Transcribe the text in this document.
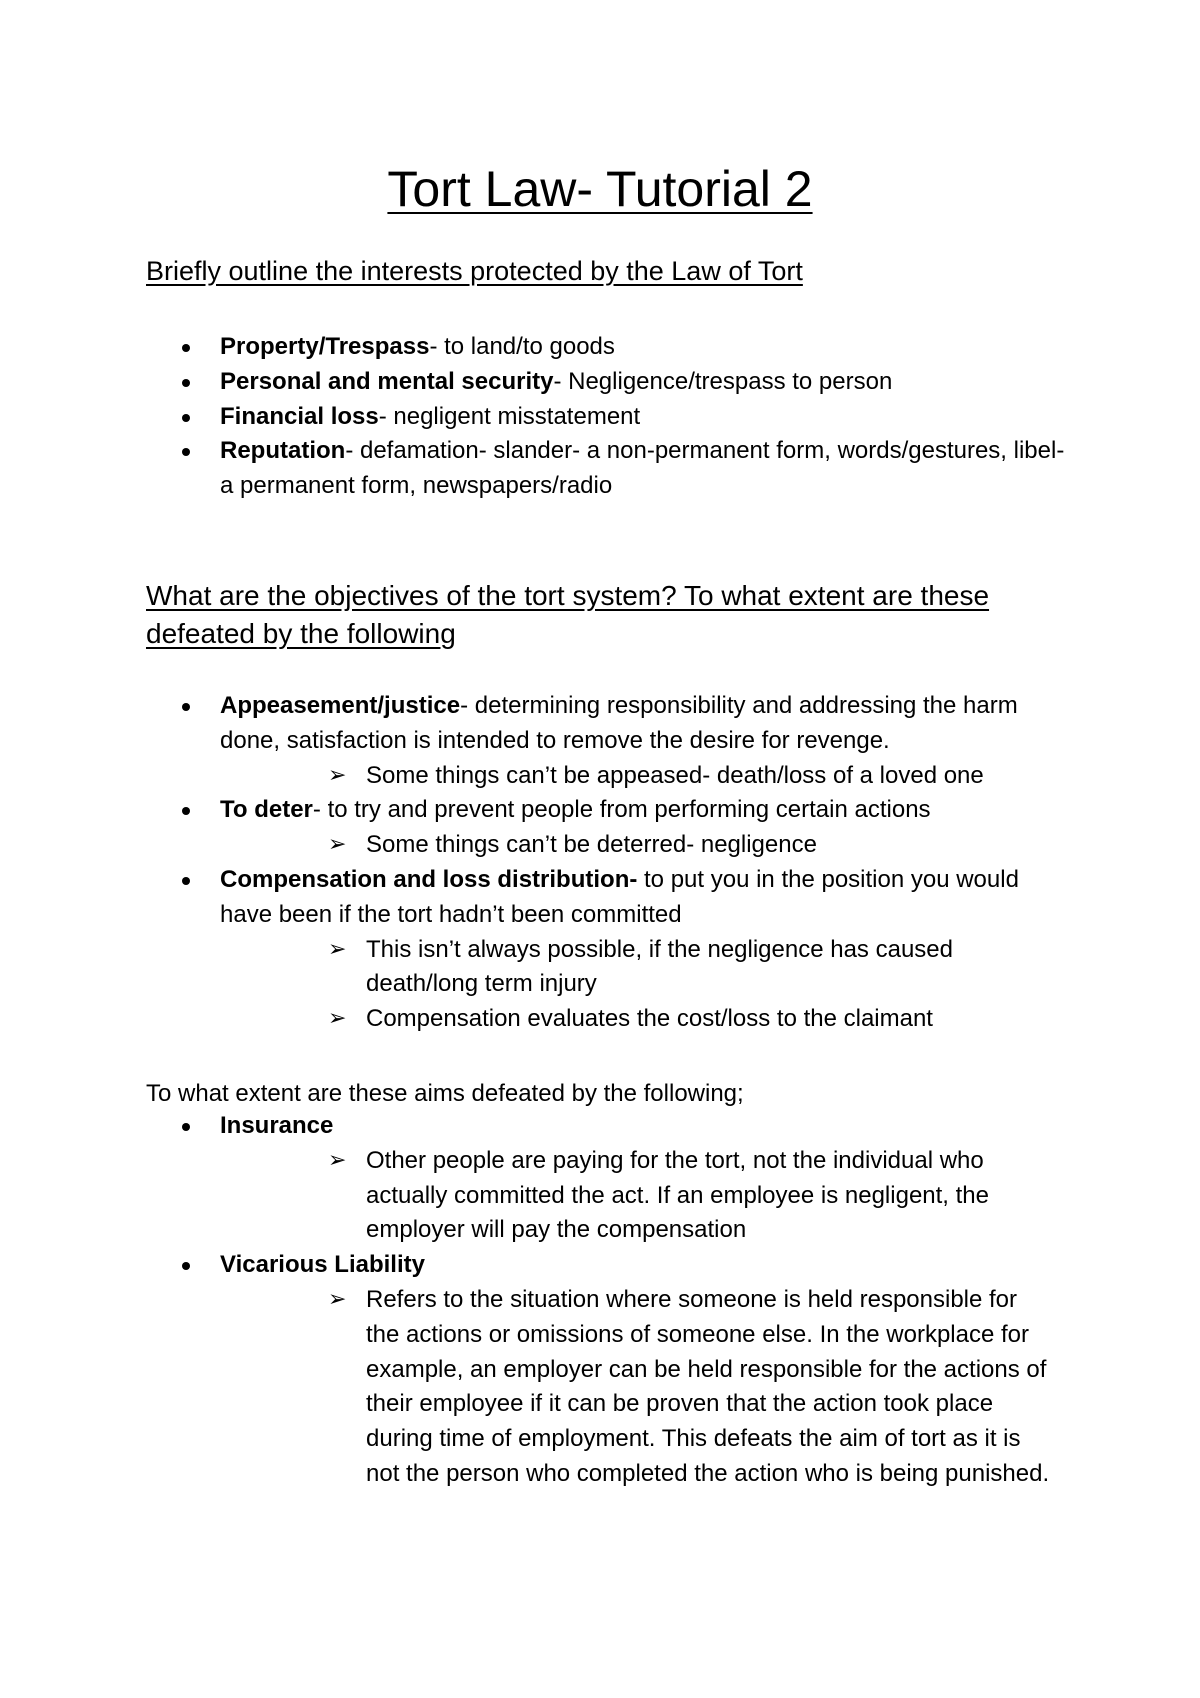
Tort Law- Tutorial 2
Briefly outline the interests protected by the Law of Tort
Property/Trespass- to land/to goods
Personal and mental security- Negligence/trespass to person
Financial loss- negligent misstatement
Reputation- defamation- slander- a non-permanent form, words/gestures, libel- a permanent form, newspapers/radio
What are the objectives of the tort system? To what extent are these defeated by the following
Appeasement/justice- determining responsibility and addressing the harm done, satisfaction is intended to remove the desire for revenge.
➢ Some things can’t be appeased- death/loss of a loved one
To deter- to try and prevent people from performing certain actions
➢ Some things can’t be deterred- negligence
Compensation and loss distribution- to put you in the position you would have been if the tort hadn’t been committed
➢ This isn’t always possible, if the negligence has caused death/long term injury
➢ Compensation evaluates the cost/loss to the claimant

To what extent are these aims defeated by the following;

Insurance
➢ Other people are paying for the tort, not the individual who actually committed the act. If an employee is negligent, the employer will pay the compensation
Vicarious Liability
➢ Refers to the situation where someone is held responsible for the actions or omissions of someone else. In the workplace for example, an employer can be held responsible for the actions of their employee if it can be proven that the action took place during time of employment. This defeats the aim of tort as it is not the person who completed the action who is being punished.
